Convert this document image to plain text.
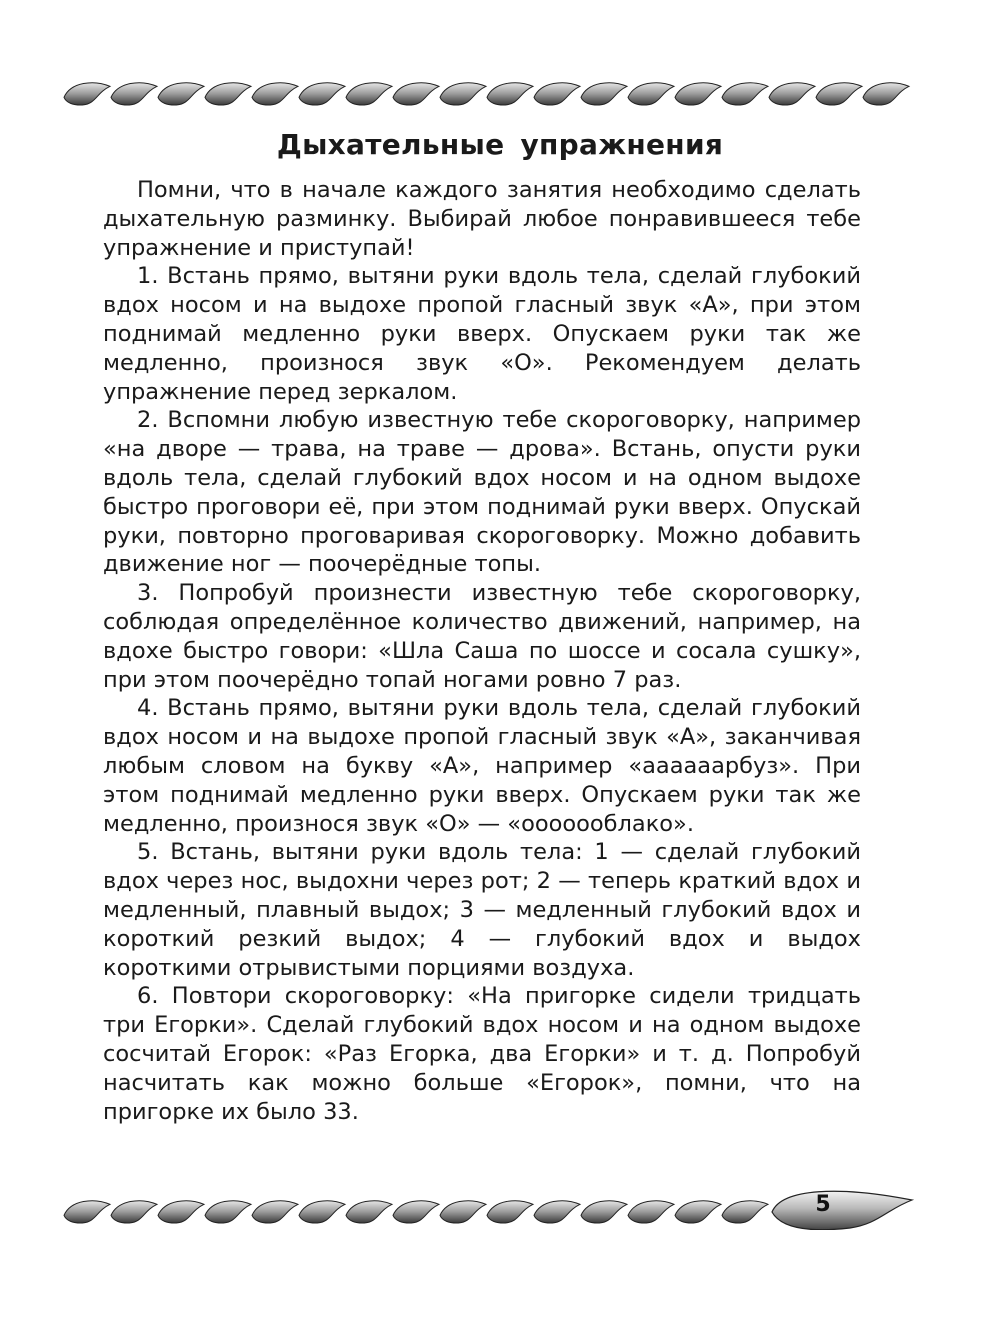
Дыхательные упражнения

Помни, что в начале каждого занятия необходимо сделать дыхательную разминку. Выбирай любое понравившееся тебе упражнение и приступай!

1. Встань прямо, вытяни руки вдоль тела, сделай глубокий вдох носом и на выдохе пропой гласный звук «А», при этом поднимай медленно руки вверх. Опускаем руки так же медленно, произнося звук «О». Рекомендуем делать упражнение перед зеркалом.

2. Вспомни любую известную тебе скороговорку, например «на дворе — трава, на траве — дрова». Встань, опусти руки вдоль тела, сделай глубокий вдох носом и на одном выдохе быстро проговори её, при этом поднимай руки вверх. Опускай руки, повторно проговаривая скороговорку. Можно добавить движение ног — поочерёдные топы.

3. Попробуй произнести известную тебе скороговорку, соблюдая определённое количество движений, например, на вдохе быстро говори: «Шла Саша по шоссе и сосала сушку», при этом поочерёдно топай ногами ровно 7 раз.

4. Встань прямо, вытяни руки вдоль тела, сделай глубокий вдох носом и на выдохе пропой гласный звук «А», заканчивая любым словом на букву «А», например «аааааарбуз». При этом поднимай медленно руки вверх. Опускаем руки так же медленно, произнося звук «О» — «ооооооблако».

5. Встань, вытяни руки вдоль тела: 1 — сделай глубокий вдох через нос, выдохни через рот; 2 — теперь краткий вдох и медленный, плавный выдох; 3 — медленный глубокий вдох и короткий резкий выдох; 4 — глубокий вдох и выдох короткими отрывистыми порциями воздуха.

6. Повтори скороговорку: «На пригорке сидели тридцать три Егорки». Сделай глубокий вдох носом и на одном выдохе сосчитай Егорок: «Раз Егорка, два Егорки» и т. д. Попробуй насчитать как можно больше «Егорок», помни, что на пригорке их было 33.

5
